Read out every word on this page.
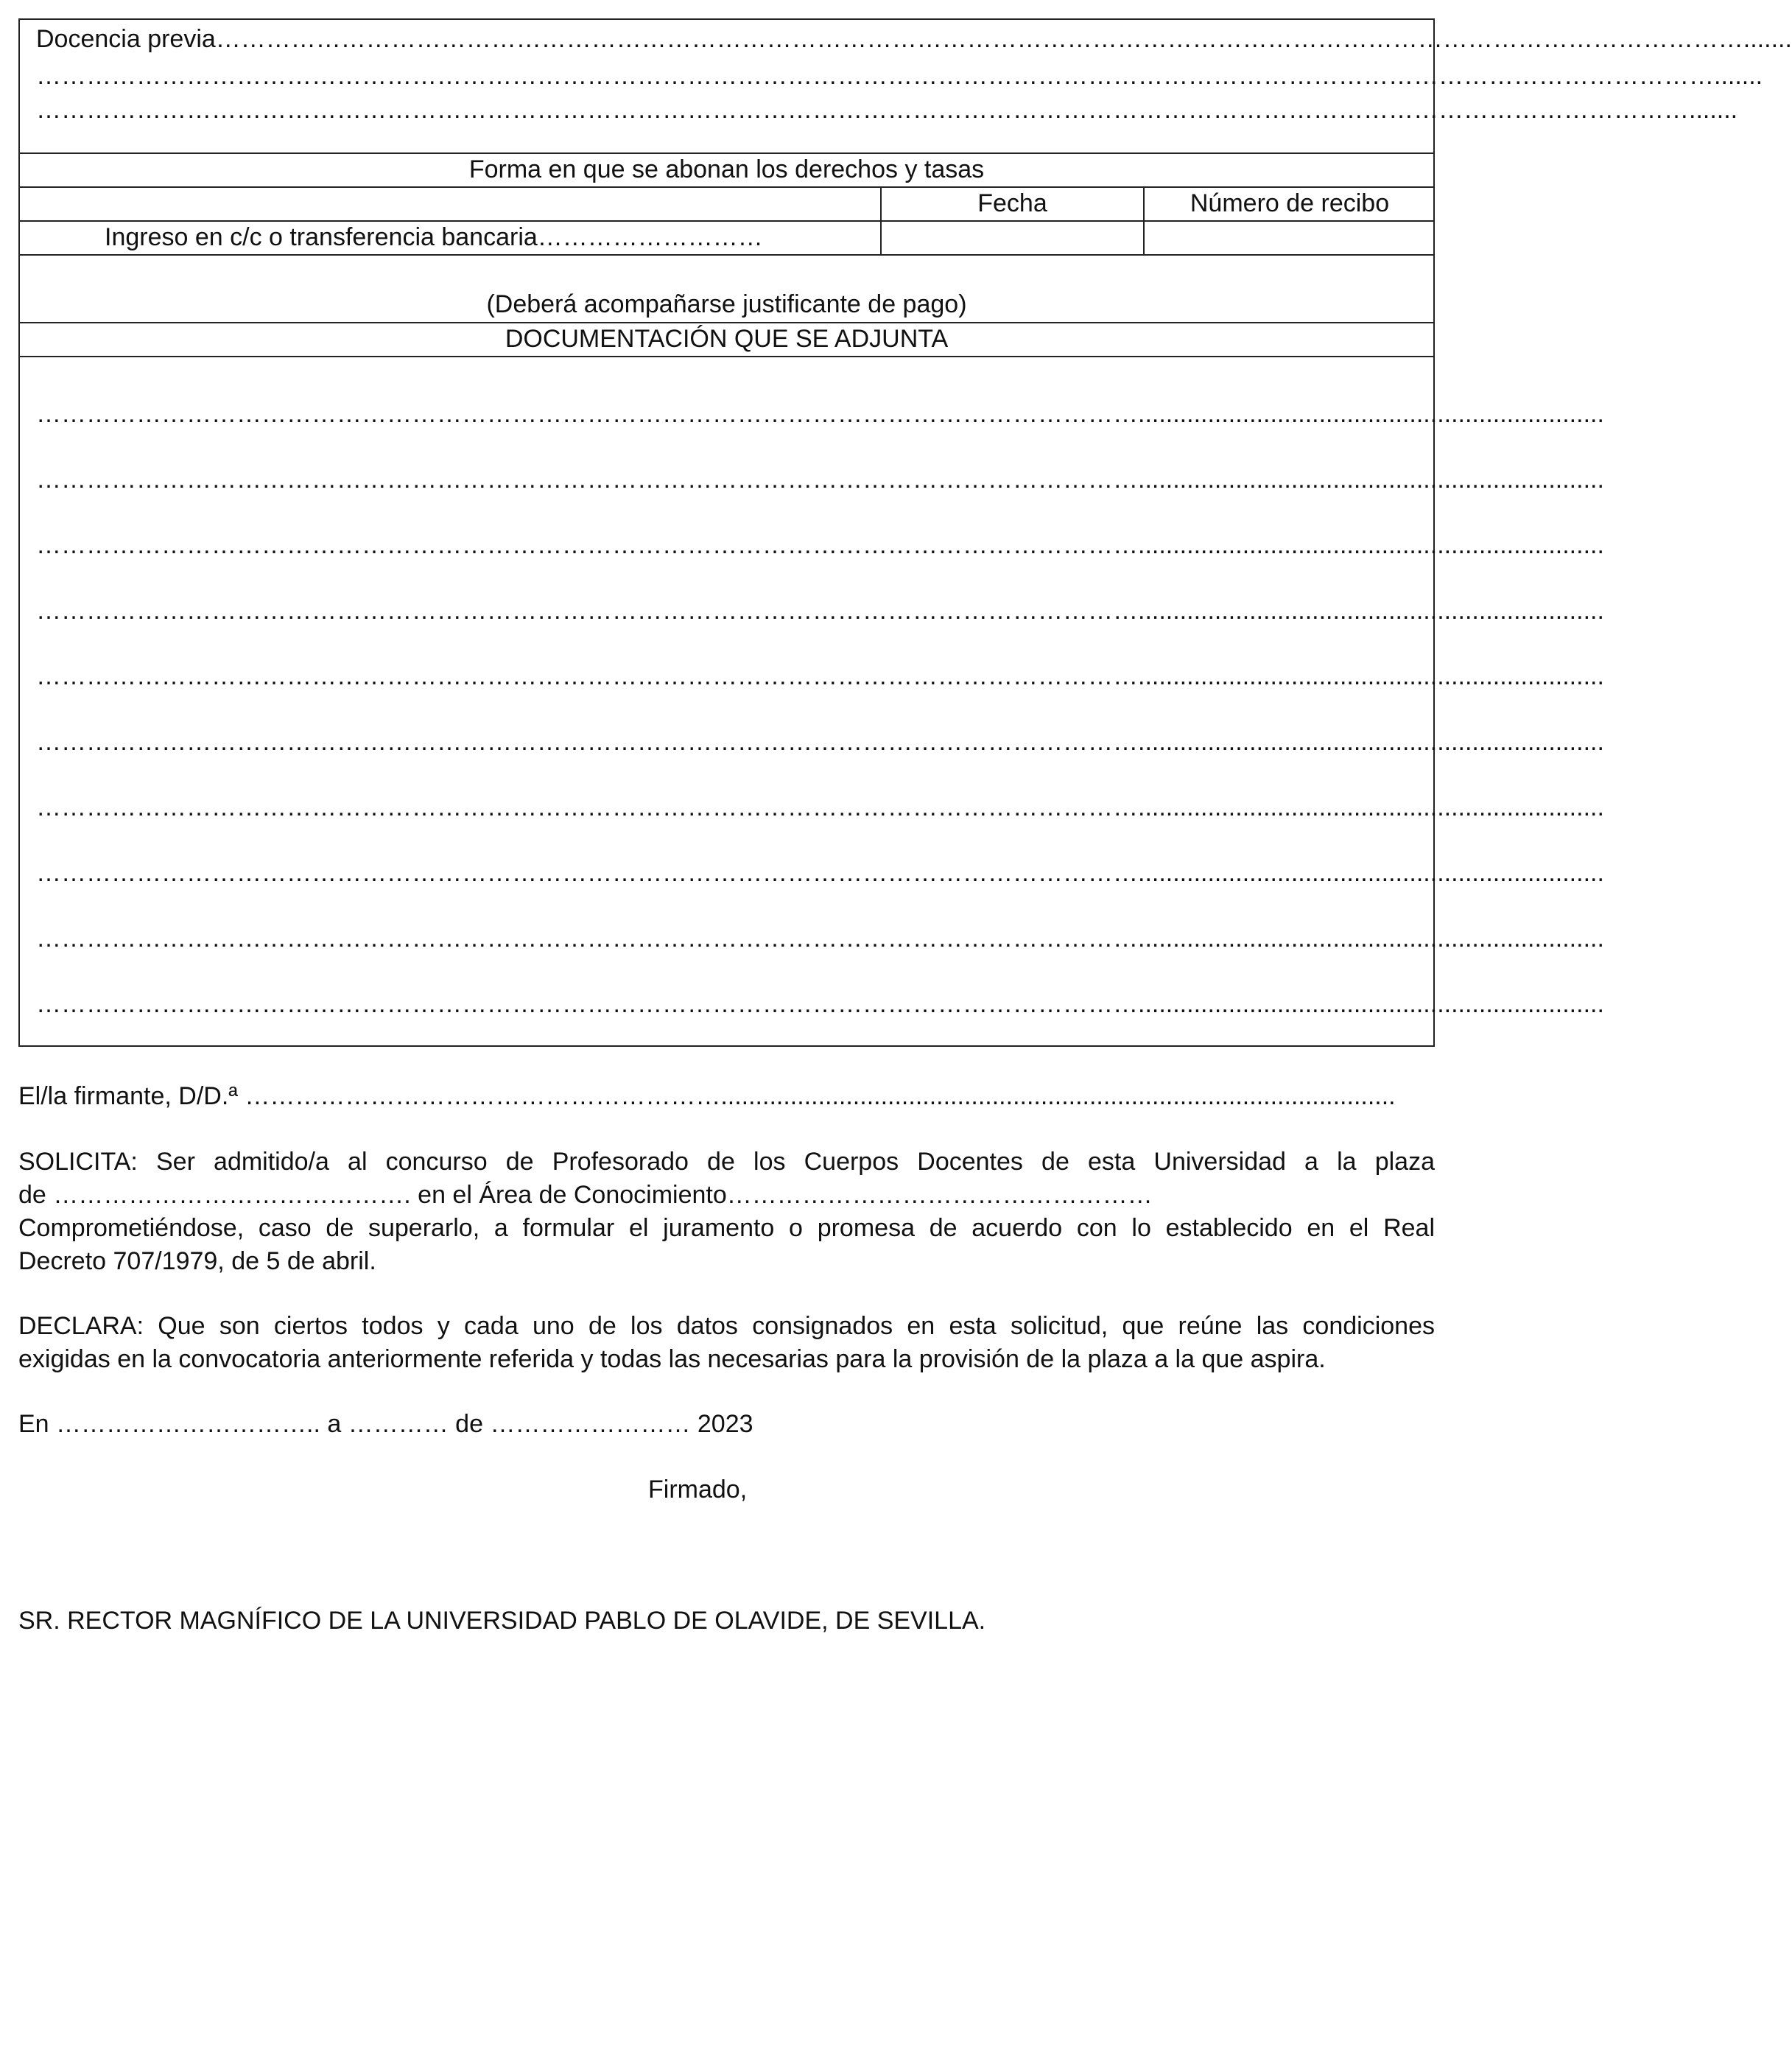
Docencia previa………………………………………………………………………………………………………………………………………………………………….......
………………………………………………………………………………………………………………………………………………………………………………….......
……………………………………………………………………………………………………………………………………………………………………………….......
Forma en que se abonan los derechos y tasas
Fecha	Número de recibo
Ingreso en c/c o transferencia bancaria………………………
(Deberá acompañarse justificante de pago)
DOCUMENTACIÓN QUE SE ADJUNTA
……………………………………………………………………………………………………………………...................................................................
……………………………………………………………………………………………………………………...................................................................
……………………………………………………………………………………………………………………...................................................................
……………………………………………………………………………………………………………………...................................................................
……………………………………………………………………………………………………………………...................................................................
……………………………………………………………………………………………………………………...................................................................
……………………………………………………………………………………………………………………...................................................................
……………………………………………………………………………………………………………………...................................................................
……………………………………………………………………………………………………………………...................................................................
……………………………………………………………………………………………………………………...................................................................
El/la firmante, D/D.ª ………………………………………………….................................................................................................
SOLICITA: Ser admitido/a al concurso de Profesorado de los Cuerpos Docentes de esta Universidad a la plaza
de ……………………………………. en el Área de Conocimiento……………………………………………
Comprometiéndose, caso de superarlo, a formular el juramento o promesa de acuerdo con lo establecido en el Real
Decreto 707/1979, de 5 de abril.
DECLARA: Que son ciertos todos y cada uno de los datos consignados en esta solicitud, que reúne las condiciones
exigidas en la convocatoria anteriormente referida y todas las necesarias para la provisión de la plaza a la que aspira.
En ………………………….. a ………… de …………………… 2023
Firmado,
SR. RECTOR MAGNÍFICO DE LA UNIVERSIDAD PABLO DE OLAVIDE, DE SEVILLA.
